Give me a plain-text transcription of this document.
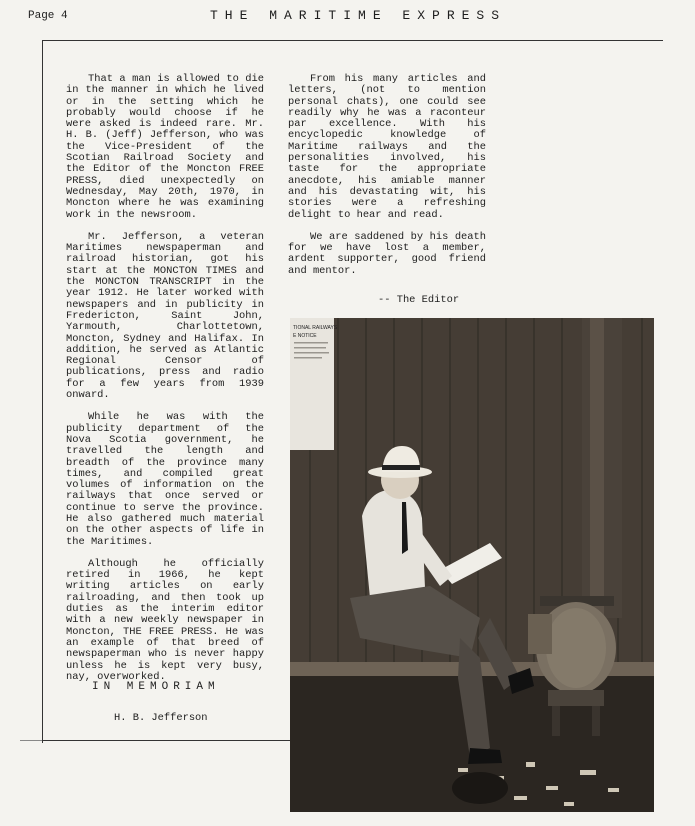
Page 4	THE MARITIME EXPRESS

That a man is allowed to die in the manner in which he lived or in the setting which he probably would choose if he were asked is indeed rare. Mr. H. B. (Jeff) Jefferson, who was the Vice-President of the Scotian Railroad Society and the Editor of the Moncton FREE PRESS, died unexpectedly on Wednesday, May 20th, 1970, in Moncton where he was examining work in the newsroom.

Mr. Jefferson, a veteran Maritimes newspaperman and railroad historian, got his start at the MONCTON TIMES and the MONCTON TRANSCRIPT in the year 1912. He later worked with newspapers and in publicity in Fredericton, Saint John, Yarmouth, Charlottetown, Moncton, Sydney and Halifax. In addition, he served as Atlantic Regional Censor of publications, press and radio for a few years from 1939 onward.

While he was with the publicity department of the Nova Scotia government, he travelled the length and breadth of the province many times, and compiled great volumes of information on the railways that once served or continue to serve the province. He also gathered much material on the other aspects of life in the Maritimes.

Although he officially retired in 1966, he kept writing articles on early railroading, and then took up duties as the interim editor with a new weekly newspaper in Moncton, THE FREE PRESS. He was an example of that breed of newspaperman who is never happy unless he is kept very busy, nay, overworked.

From his many articles and letters, (not to mention personal chats), one could see readily why he was a raconteur par excellence. With his encyclopedic knowledge of Maritime railways and the personalities involved, his taste for the appropriate anecdote, his amiable manner and his devastating wit, his stories were a refreshing delight to hear and read.

We are saddened by his death for we have lost a member, ardent supporter, good friend and mentor.

-- The Editor
IN MEMORIAM
H. B. Jefferson
TIONAL RAILWAYS
E NOTICE
